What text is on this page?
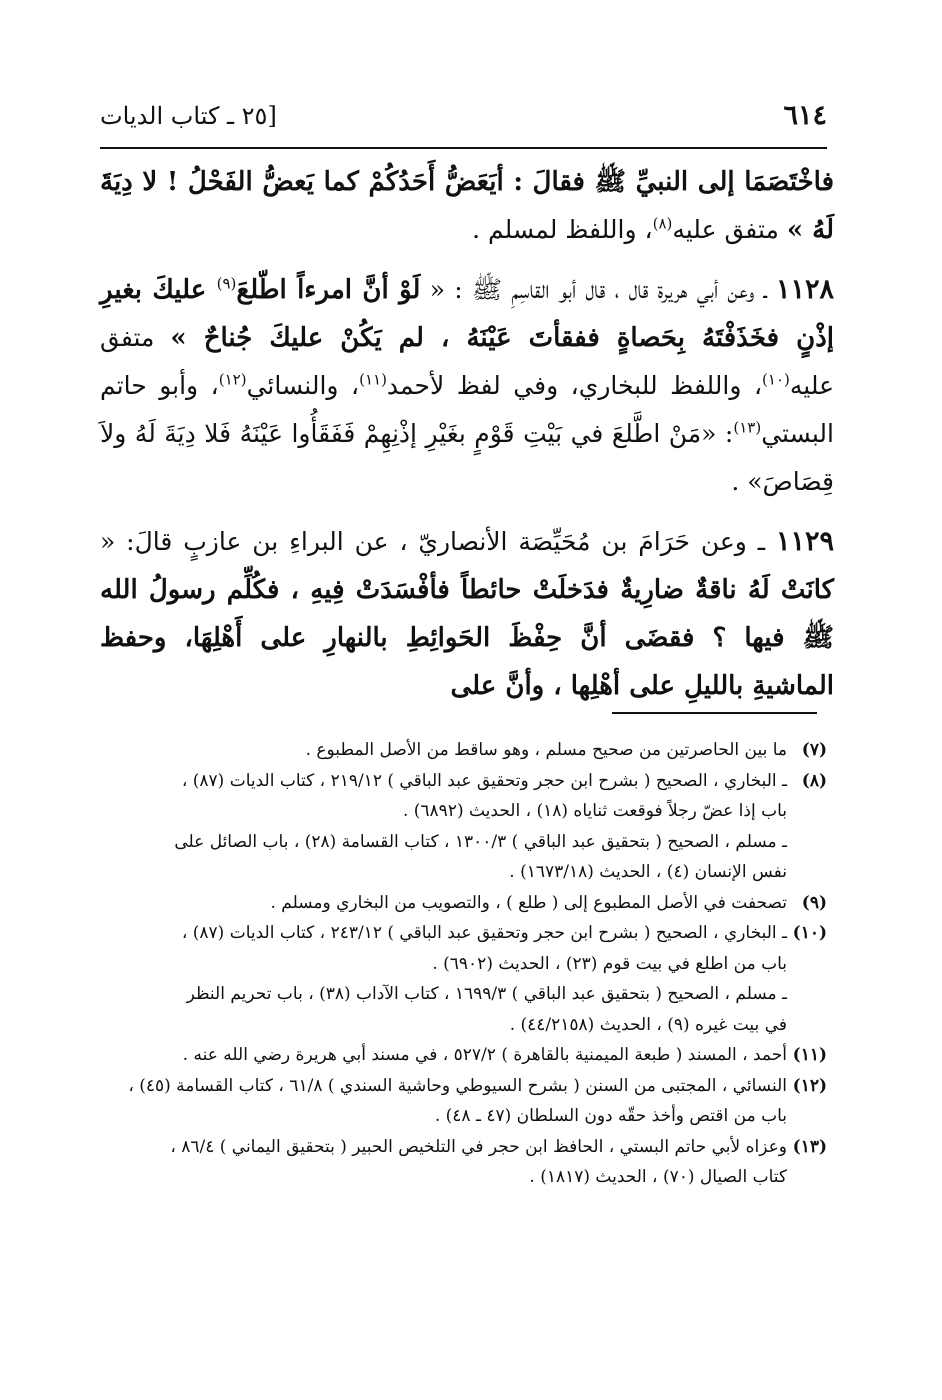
٦١٤
[٢٥ ـ كتاب الديات

فاخْتَصَمَا إلى النبيِّ ﷺ فقالَ : أيَعَضُّ أَحَدُكُمْ كما يَعضُّ الفَحْلُ ! لا دِيَةَ لَهُ » متفق عليه$^{(٨)}$، واللفظ لمسلم .

١١٢٨ ـ وعن أبي هريرة قال ، قال أبو القاسِمِ ﷺ : « لَوْ أنَّ امرءاً اطّلعَ$^{(٩)}$ عليكَ بغيرِ إذْنٍ فخَذَفْتَهُ بِحَصاةٍ ففقأتَ عَيْنَهُ ، لم يَكُنْ عليكَ جُناحٌ » متفق عليه$^{(١٠)}$، واللفظ للبخاري، وفي لفظ لأحمد$^{(١١)}$، والنسائي$^{(١٢)}$، وأبو حاتم البستي$^{(١٣)}$: «مَنْ اطَّلعَ في بَيْتِ قَوْمٍ بغَيْرِ إذْنِهِمْ فَفَقَأُوا عَيْنَهُ فَلا دِيَةَ لَهُ ولاَ قِصَاصَ» .

١١٢٩ ـ وعن حَرَامَ بن مُحَيِّصَة الأنصاريّ ، عن البراءِ بن عازبٍ قالَ: « كانَتْ لَهُ ناقةٌ ضارِيةٌ فدَخلَتْ حائطاً فأفْسَدَتْ فِيهِ ، فكُلِّم رسولُ الله ﷺ فيها ؟ فقضَى أنَّ حِفْظَ الحَوائِطِ بالنهارِ على أَهْلِهَا، وحفظ الماشيةِ بالليلِ على أهْلِها ، وأنَّ على

(٧)
ما بين الحاصرتين من صحيح مسلم ، وهو ساقط من الأصل المطبوع .
(٨)
ـ البخاري ، الصحيح ( بشرح ابن حجر وتحقيق عبد الباقي ) ٢١٩/١٢ ، كتاب الديات (٨٧) ،
باب إذا عضّ رجلاً فوقعت ثناياه (١٨) ، الحديث (٦٨٩٢) .
ـ مسلم ، الصحيح ( بتحقيق عبد الباقي ) ١٣٠٠/٣ ، كتاب القسامة (٢٨) ، باب الصائل على
نفس الإنسان (٤) ، الحديث (١٦٧٣/١٨) .
(٩)
تصحفت في الأصل المطبوع إلى ( طلع ) ، والتصويب من البخاري ومسلم .
(١٠)
ـ البخاري ، الصحيح ( بشرح ابن حجر وتحقيق عبد الباقي ) ٢٤٣/١٢ ، كتاب الديات (٨٧) ،
باب من اطلع في بيت قوم (٢٣) ، الحديث (٦٩٠٢) .
ـ مسلم ، الصحيح ( بتحقيق عبد الباقي ) ١٦٩٩/٣ ، كتاب الآداب (٣٨) ، باب تحريم النظر
في بيت غيره (٩) ، الحديث (٤٤/٢١٥٨) .
(١١)
أحمد ، المسند ( طبعة الميمنية بالقاهرة ) ٥٢٧/٢ ، في مسند أبي هريرة رضي الله عنه .
(١٢)
النسائي ، المجتبى من السنن ( بشرح السيوطي وحاشية السندي ) ٦١/٨ ، كتاب القسامة (٤٥) ،
باب من اقتص وأخذ حقّه دون السلطان (٤٧ ـ ٤٨) .
(١٣)
وعزاه لأبي حاتم البستي ، الحافظ ابن حجر في التلخيص الحبير ( بتحقيق اليماني ) ٨٦/٤ ،
كتاب الصيال (٧٠) ، الحديث (١٨١٧) .
